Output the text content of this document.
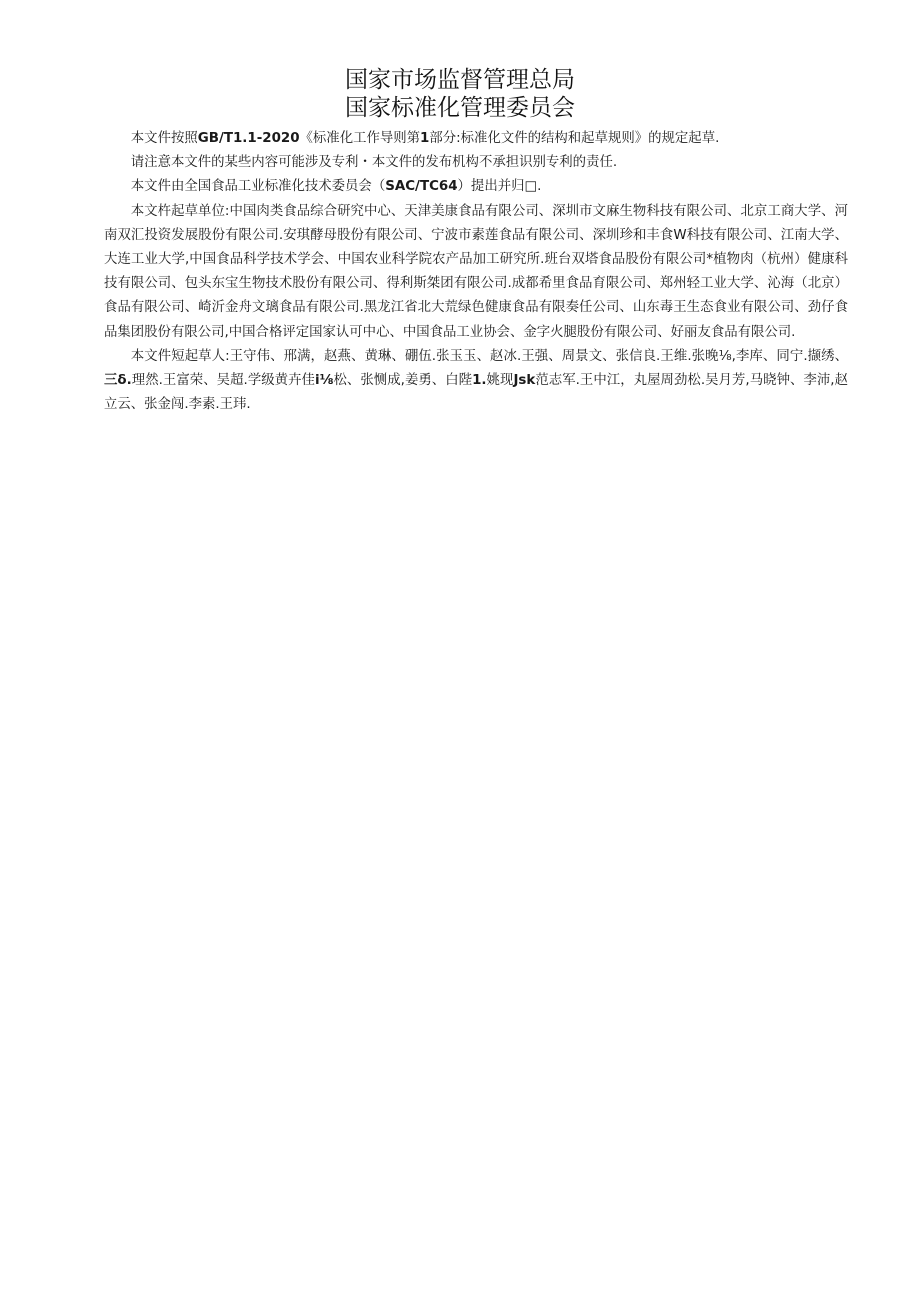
国家市场监督管理总局
国家标准化管理委员会

本文件按照GB/T1.1-2020《标准化工作导则第1部分:标准化文件的结构和起草规则》的规定起草.

请注意本文件的某些内容可能涉及专利・本文件的发布机构不承担识别专利的责任.

本文件由全国食品工业标准化技术委员会（SAC/TC64）提出并归□.

本文杵起草单位:中国肉类食品综合研究中心、天津美康食品有限公司、深圳市文麻生物科技有限公司、北京工商大学、河南双汇投资发展股份有限公司.安琪酵母股份有限公司、宁波市素莲食品有限公司、深圳珍和丰食W科技有限公司、江南大学、大连工业大学,中国食品科学技术学会、中国农业科学院农产品加工研究所.班台双塔食品股份有限公司*植物肉（杭州）健康科技有限公司、包头东宝生物技术股份有限公司、得利斯桀团有限公司.成都希里食品育限公司、郑州轻工业大学、沁海（北京）食品有限公司、崎沂金舟文璃食品有限公司.黑龙江省北大荒绿色健康食品有限奏任公司、山东毒王生态食业有限公司、劲仔食品集团股份有限公司,中国合格评定国家认可中心、中国食品工业协会、金字火腿股份有限公司、好丽友食品有限公司.

本文件短起草人:王守伟、邢满，赵燕、黄琳、硼伍.张玉玉、赵冰.王强、周景文、张信良.王维.张晚⅛,李库、同宁.撷绣、三δ.理然.王富荣、吴超.学级黄卉佳i⅛松、张恻成,姜勇、白陛1.姚现Jsk范志军.王中江，丸屋周劲松.吴月芳,马晓钟、李沛,赵立云、张金闯.李素.王玮.
